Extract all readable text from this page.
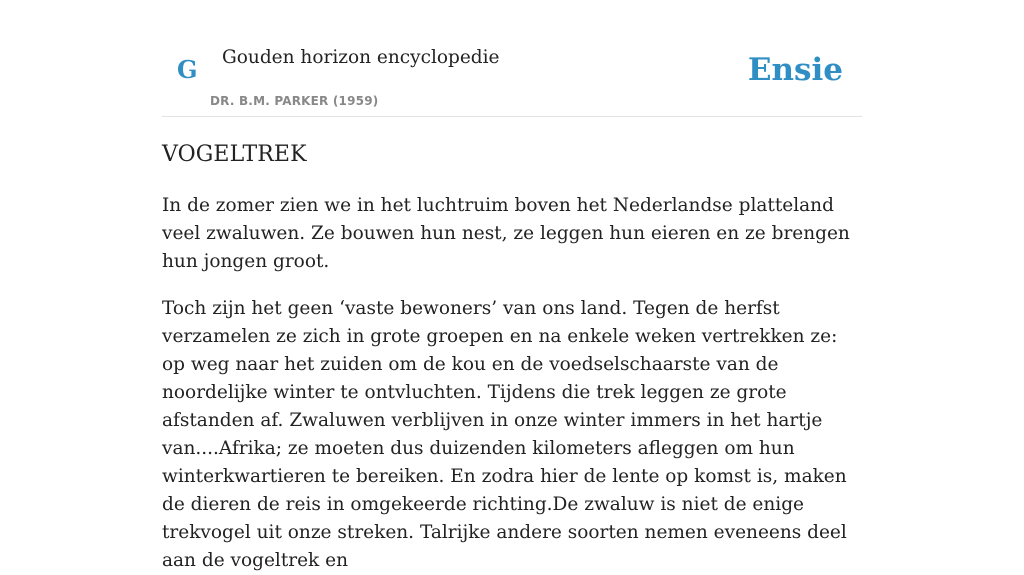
G Gouden horizon encyclopedie
DR. B.M. PARKER (1959)
Ensie
VOGELTREK

In de zomer zien we in het luchtruim boven het Nederlandse platteland veel zwaluwen. Ze bouwen hun nest, ze leggen hun eieren en ze brengen hun jongen groot.

Toch zijn het geen ‘vaste bewoners’ van ons land. Tegen de herfst verzamelen ze zich in grote groepen en na enkele weken vertrekken ze: op weg naar het zuiden om de kou en de voedselschaarste van de noordelijke winter te ontvluchten. Tijdens die trek leggen ze grote afstanden af. Zwaluwen verblijven in onze winter immers in het hartje van....Afrika; ze moeten dus duizenden kilometers afleggen om hun winterkwartieren te bereiken. En zodra hier de lente op komst is, maken de dieren de reis in omgekeerde richting.De zwaluw is niet de enige trekvogel uit onze streken. Talrijke andere soorten nemen eveneens deel aan de vogeltrek en
